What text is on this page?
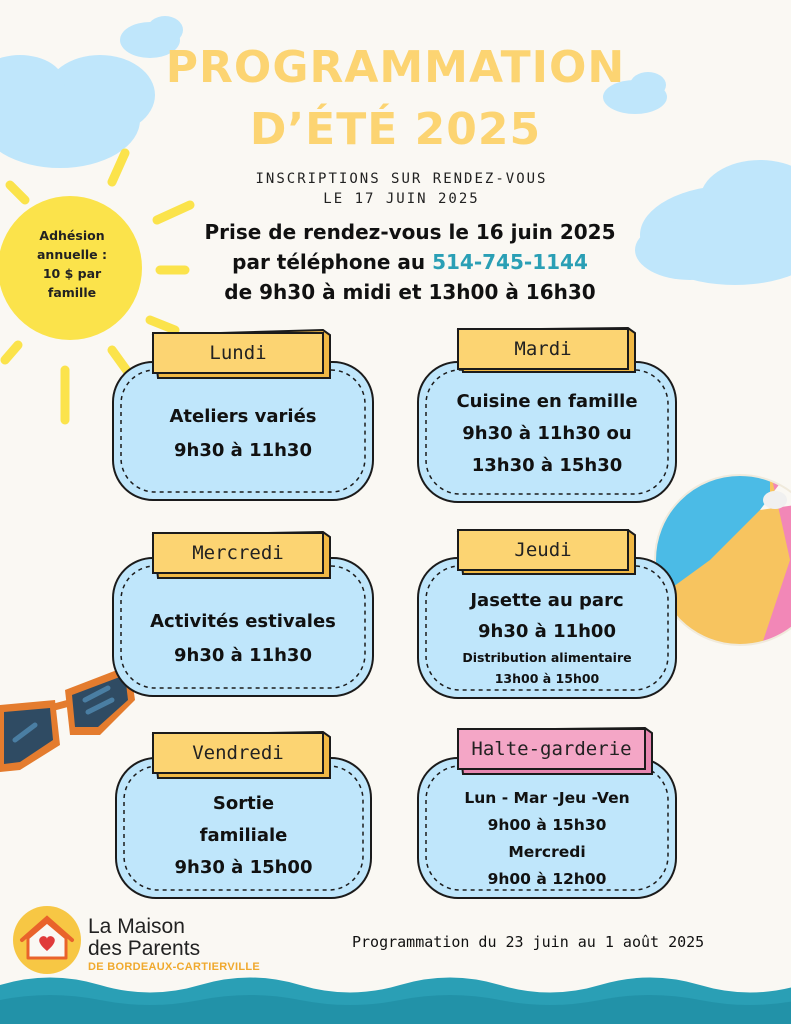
PROGRAMMATION
D’ÉTÉ 2025
INSCRIPTIONS SUR RENDEZ-VOUS
LE 17 JUIN 2025
Prise de rendez-vous le 16 juin 2025
par téléphone au 514-745-1144
de 9h30 à midi et 13h00 à 16h30
Adhésion
annuelle :
10 $ par
famille
Lundi	Mardi
Mercredi	Jeudi
Vendredi	Halte-garderie
Ateliers variés
9h30 à 11h30
Cuisine en famille
9h30 à 11h30 ou
13h30 à 15h30
Activités estivales
9h30 à 11h30
Jasette au parc
9h30 à 11h00
Distribution alimentaire
13h00 à 15h00
Sortie
familiale
9h30 à 15h00
Lun - Mar -Jeu -Ven
9h00 à 15h30
Mercredi
9h00 à 12h00
La Maison
des Parents
DE BORDEAUX-CARTIERVILLE
Programmation du 23 juin au 1 août 2025
